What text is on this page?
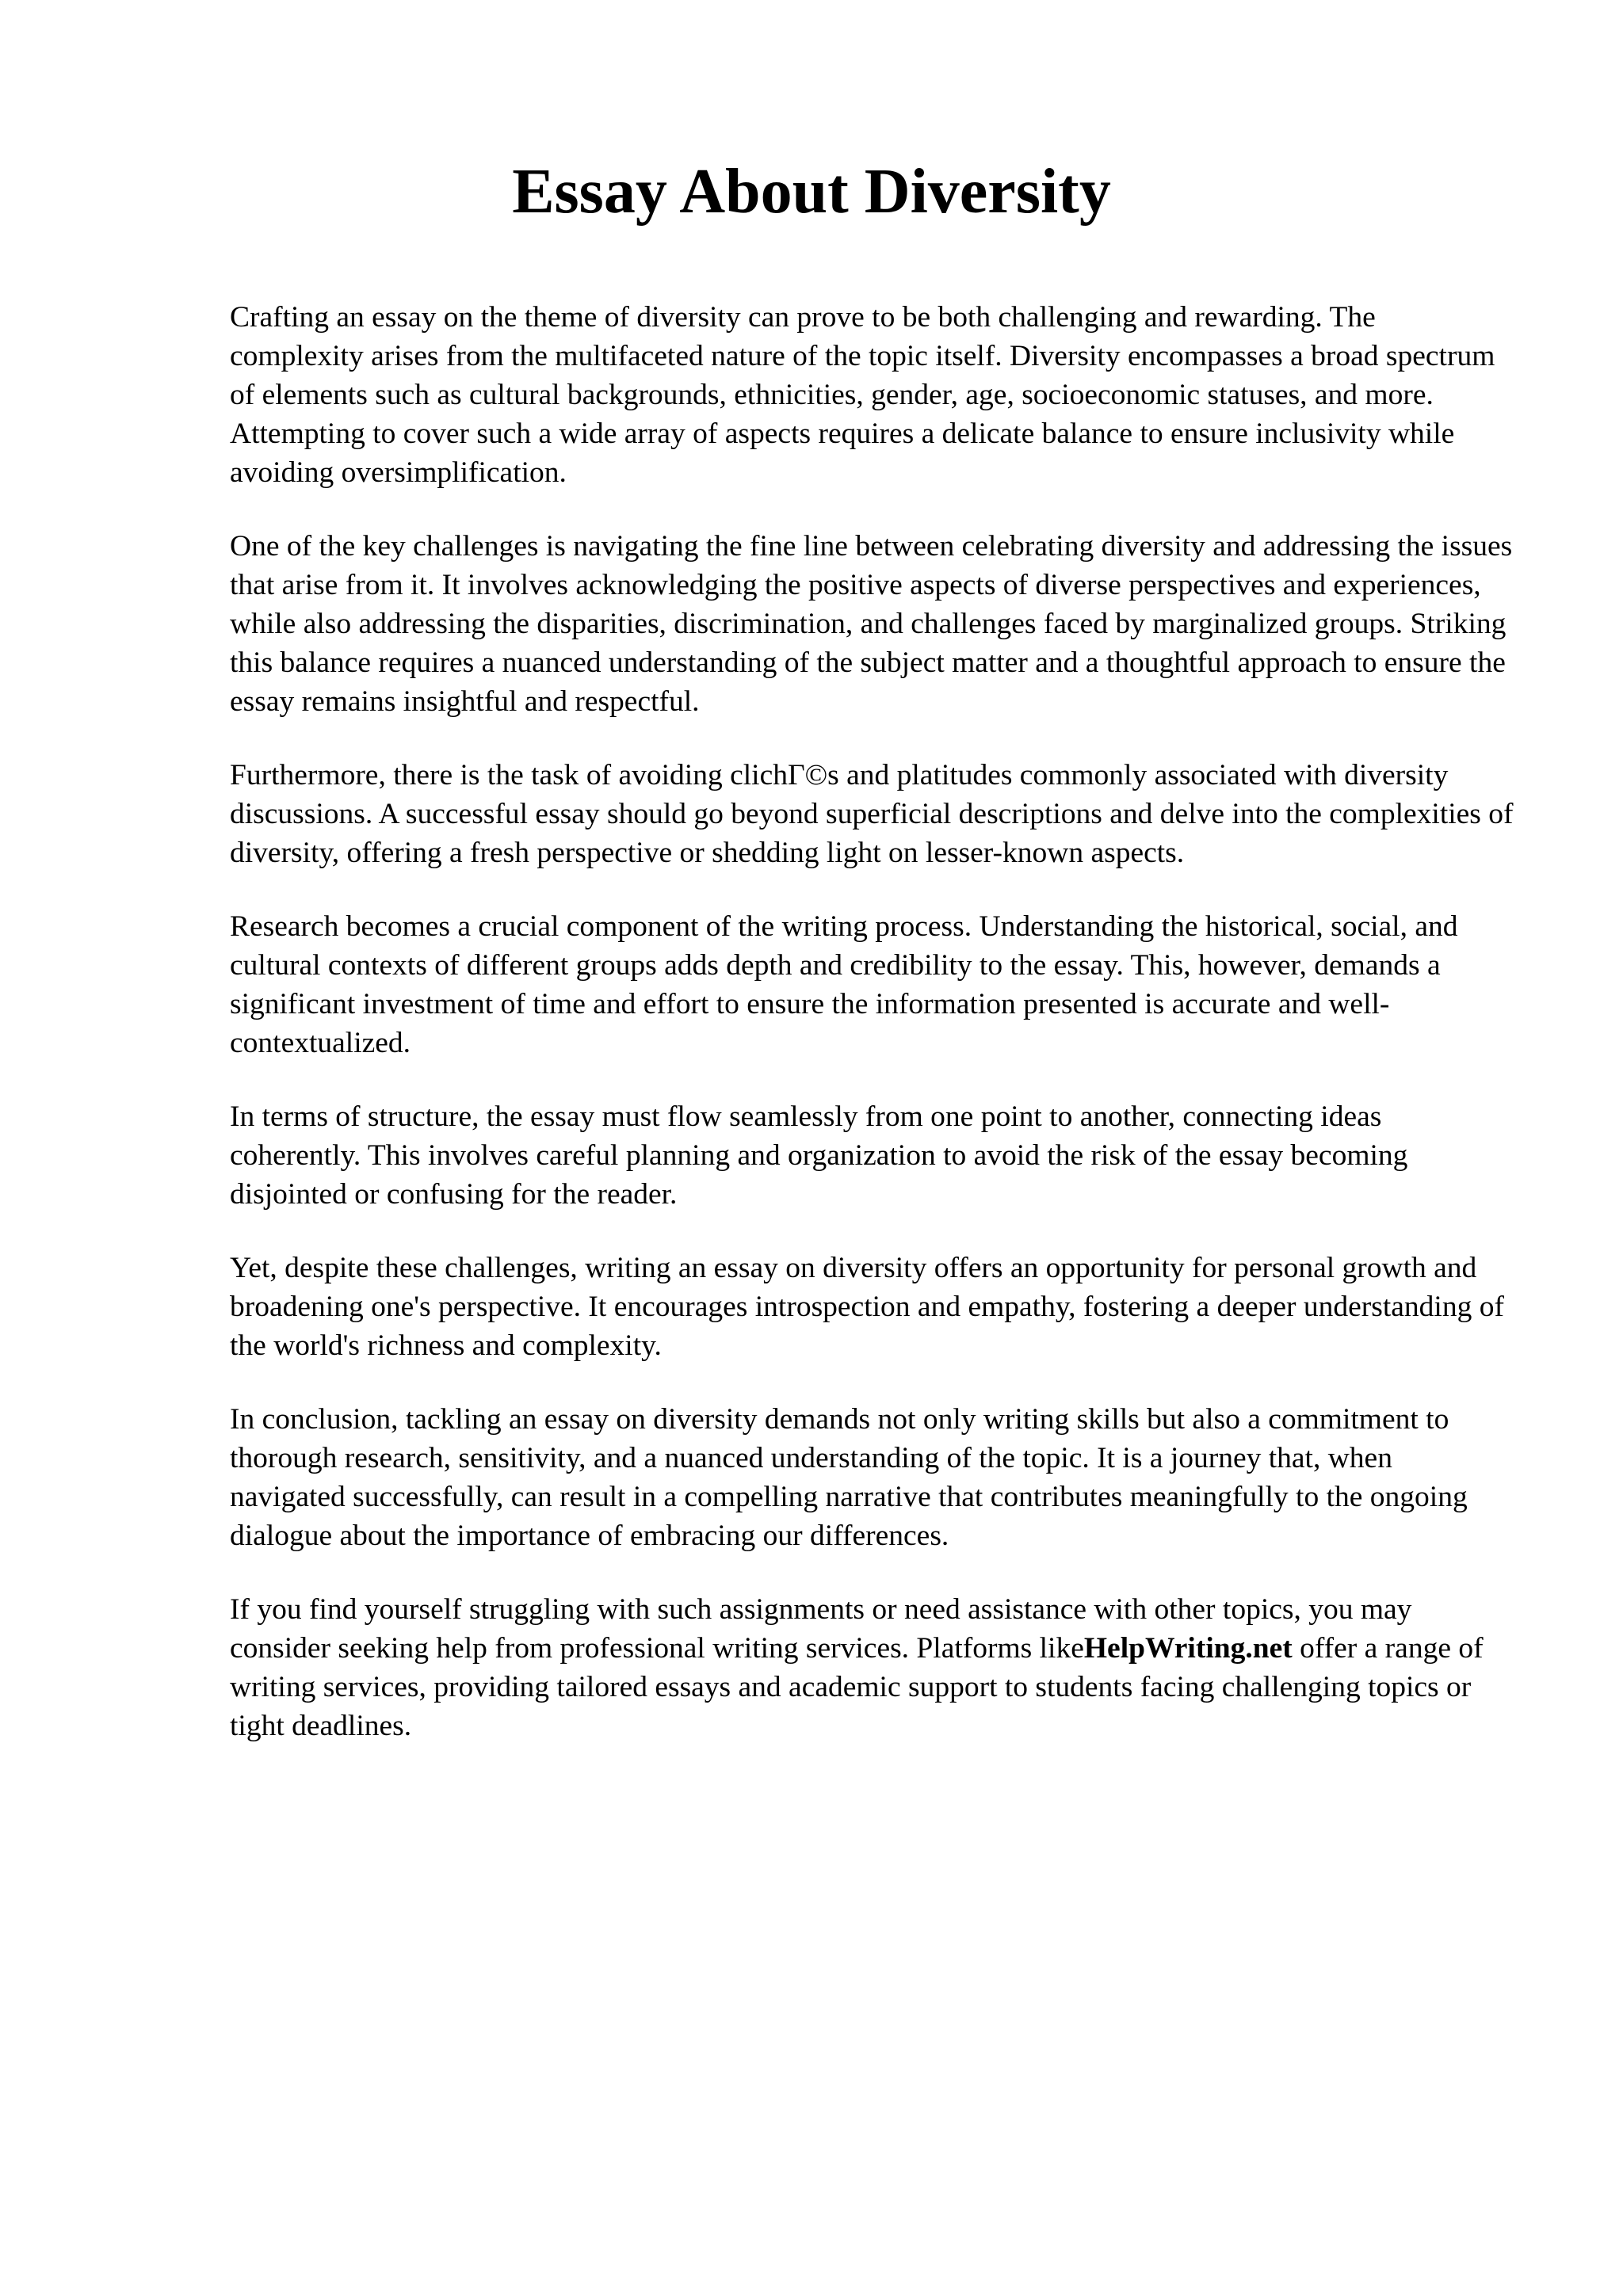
Essay About Diversity

Crafting an essay on the theme of diversity can prove to be both challenging and rewarding. The complexity arises from the multifaceted nature of the topic itself. Diversity encompasses a broad spectrum of elements such as cultural backgrounds, ethnicities, gender, age, socioeconomic statuses, and more. Attempting to cover such a wide array of aspects requires a delicate balance to ensure inclusivity while avoiding oversimplification.

One of the key challenges is navigating the fine line between celebrating diversity and addressing the issues that arise from it. It involves acknowledging the positive aspects of diverse perspectives and experiences, while also addressing the disparities, discrimination, and challenges faced by marginalized groups. Striking this balance requires a nuanced understanding of the subject matter and a thoughtful approach to ensure the essay remains insightful and respectful.

Furthermore, there is the task of avoiding clichГ©s and platitudes commonly associated with diversity discussions. A successful essay should go beyond superficial descriptions and delve into the complexities of diversity, offering a fresh perspective or shedding light on lesser-known aspects.

Research becomes a crucial component of the writing process. Understanding the historical, social, and cultural contexts of different groups adds depth and credibility to the essay. This, however, demands a significant investment of time and effort to ensure the information presented is accurate and well-contextualized.

In terms of structure, the essay must flow seamlessly from one point to another, connecting ideas coherently. This involves careful planning and organization to avoid the risk of the essay becoming disjointed or confusing for the reader.

Yet, despite these challenges, writing an essay on diversity offers an opportunity for personal growth and broadening one's perspective. It encourages introspection and empathy, fostering a deeper understanding of the world's richness and complexity.

In conclusion, tackling an essay on diversity demands not only writing skills but also a commitment to thorough research, sensitivity, and a nuanced understanding of the topic. It is a journey that, when navigated successfully, can result in a compelling narrative that contributes meaningfully to the ongoing dialogue about the importance of embracing our differences.

If you find yourself struggling with such assignments or need assistance with other topics, you may consider seeking help from professional writing services. Platforms likeHelpWriting.net offer a range of writing services, providing tailored essays and academic support to students facing challenging topics or tight deadlines.
